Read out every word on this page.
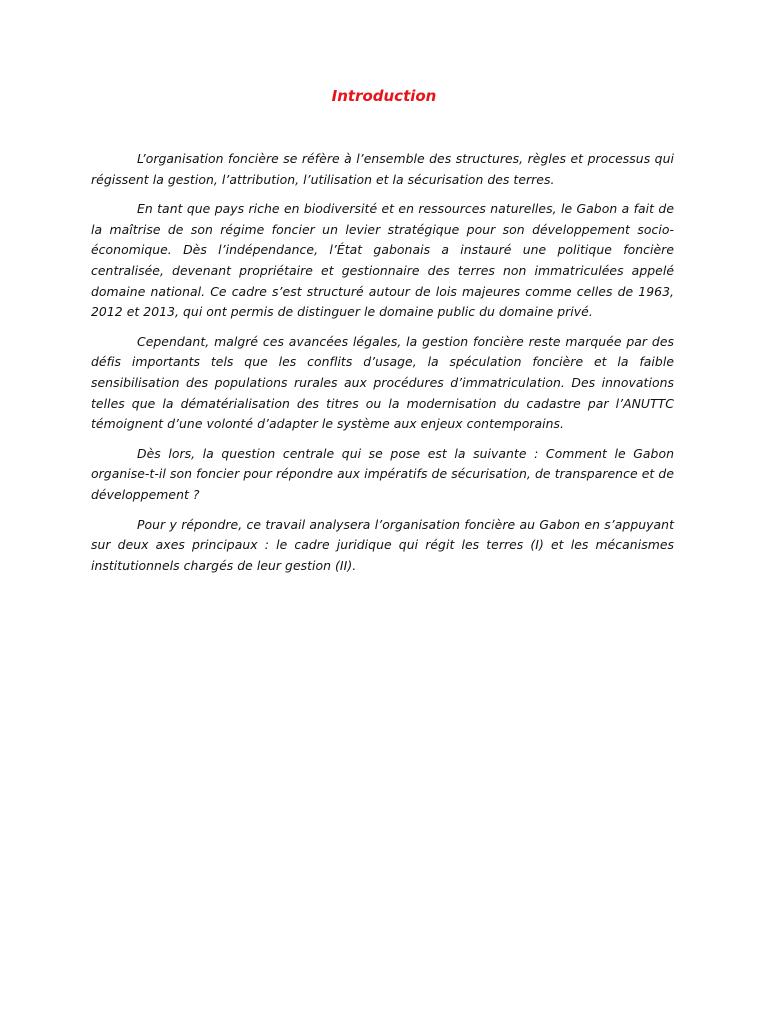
Introduction

L’organisation foncière se réfère à l’ensemble des structures, règles et processus qui régissent la gestion, l’attribution, l’utilisation et la sécurisation des terres.

En tant que pays riche en biodiversité et en ressources naturelles, le Gabon a fait de la maîtrise de son régime foncier un levier stratégique pour son développement socio-économique. Dès l’indépendance, l’État gabonais a instauré une politique foncière centralisée, devenant propriétaire et gestionnaire des terres non immatriculées appelé domaine national. Ce cadre s’est structuré autour de lois majeures comme celles de 1963, 2012 et 2013, qui ont permis de distinguer le domaine public du domaine privé.

Cependant, malgré ces avancées légales, la gestion foncière reste marquée par des défis importants tels que les conflits d’usage, la spéculation foncière et la faible sensibilisation des populations rurales aux procédures d’immatriculation. Des innovations telles que la dématérialisation des titres ou la modernisation du cadastre par l’ANUTTC témoignent d’une volonté d’adapter le système aux enjeux contemporains.

Dès lors, la question centrale qui se pose est la suivante : Comment le Gabon organise-t-il son foncier pour répondre aux impératifs de sécurisation, de transparence et de développement ?

Pour y répondre, ce travail analysera l’organisation foncière au Gabon en s’appuyant sur deux axes principaux : le cadre juridique qui régit les terres (I) et les mécanismes institutionnels chargés de leur gestion (II).
